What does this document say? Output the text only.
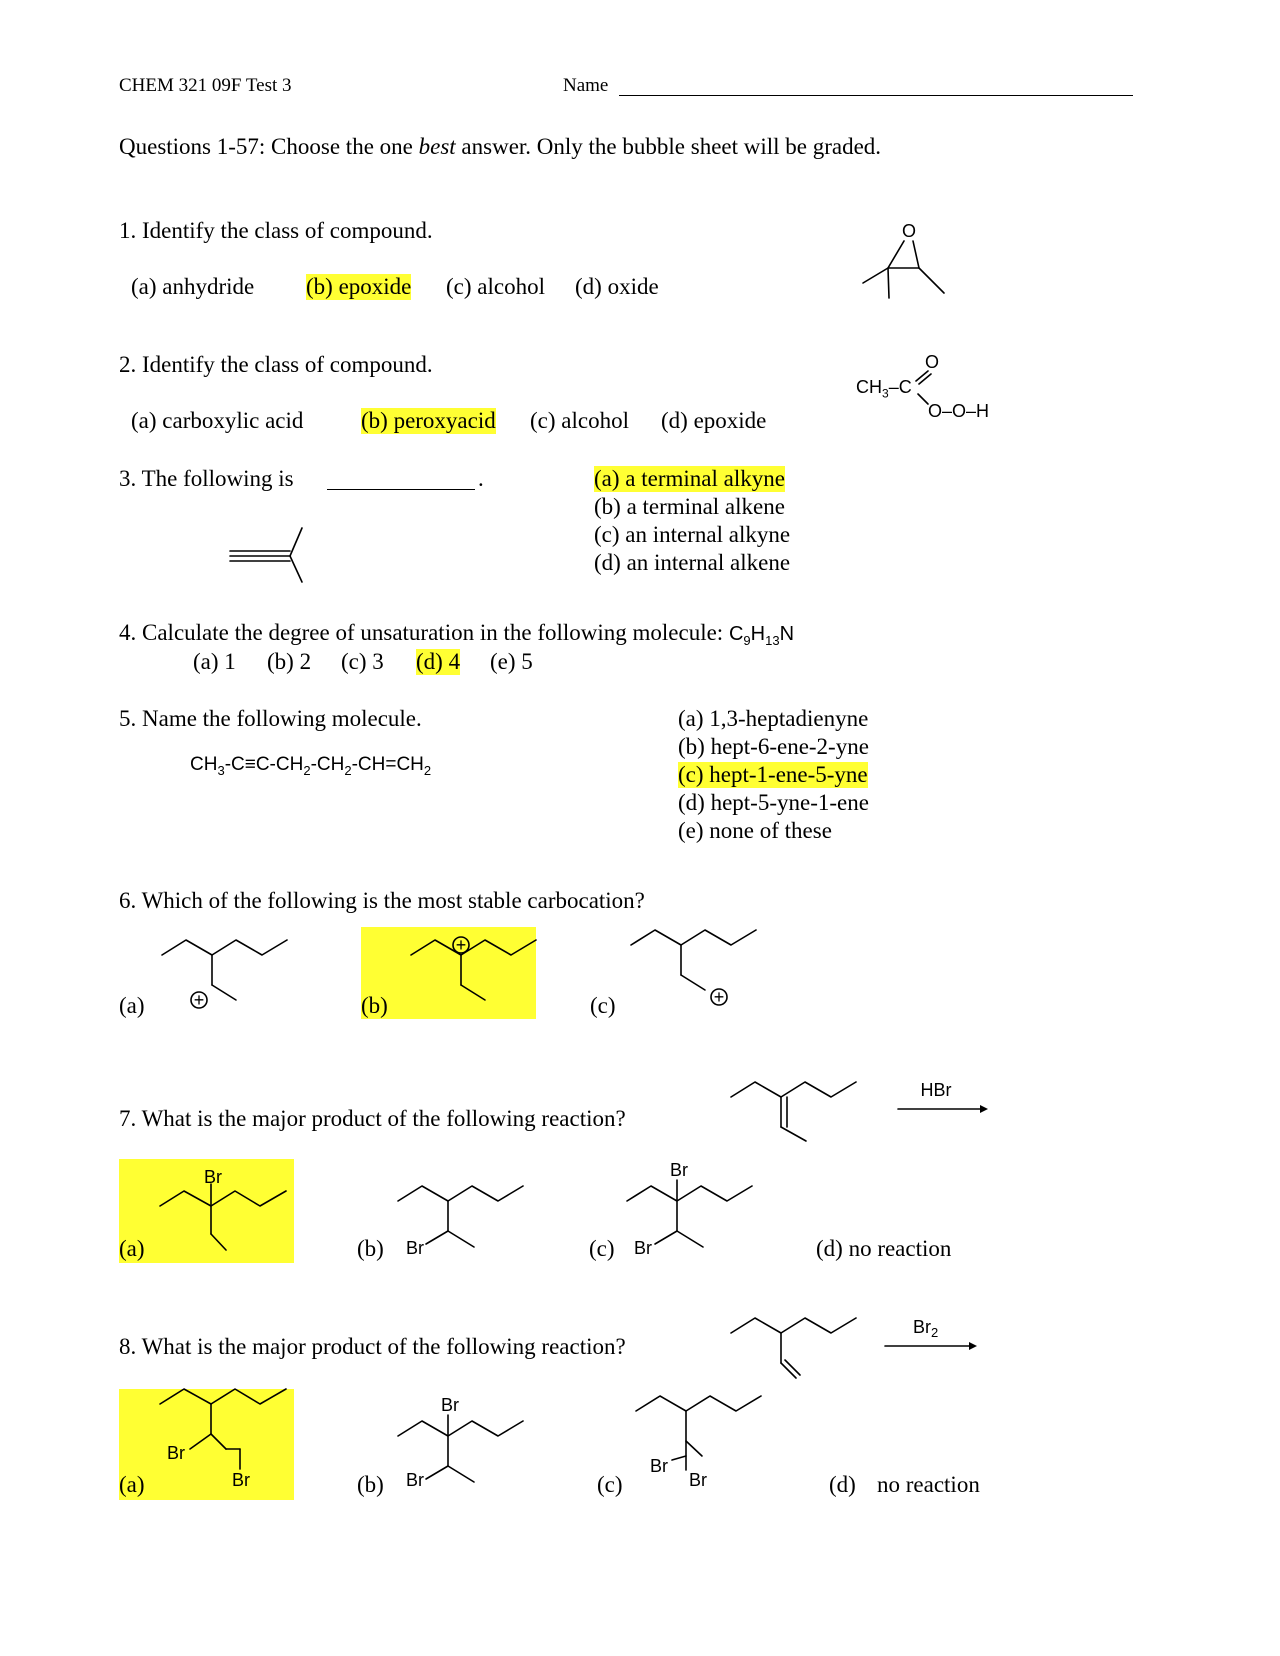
CHEM 321 09F Test 3	Name
Questions 1-57: Choose the one best answer. Only the bubble sheet will be graded.
1. Identify the class of compound.
(a) anhydride (b) epoxide (c) alcohol (d) oxide
O
+
+
+
HBr
Br
Br
Br
Br
$Br_2$
Br
Br
Br
Br
Br
Br
2. Identify the class of compound.
(a) carboxylic acid	(b) peroxyacid (c) alcohol (d) epoxide
$CH_3-C$
O
O–O–H
3. The following is	.	(a) a terminal alkyne
(b) a terminal alkene
(c) an internal alkyne
(d) an internal alkene
4. Calculate the degree of unsaturation in the following molecule: $C_9H_{13}N$
(a) 1 (b) 2 (c) 3 (d) 4 (e) 5
5. Name the following molecule.
$CH_3-C\equiv C-CH_2-CH_2-CH=CH_2$
(a) 1,3-heptadienyne
(b) hept-6-ene-2-yne
(c) hept-1-ene-5-yne
(d) hept-5-yne-1-ene
(e) none of these
6. Which of the following is the most stable carbocation?
(a)	(b)	(c)
7. What is the major product of the following reaction?
(a)	(b)	(c)	(d) no reaction
8. What is the major product of the following reaction?
(a)	(b)	(c)	(d) no reaction
